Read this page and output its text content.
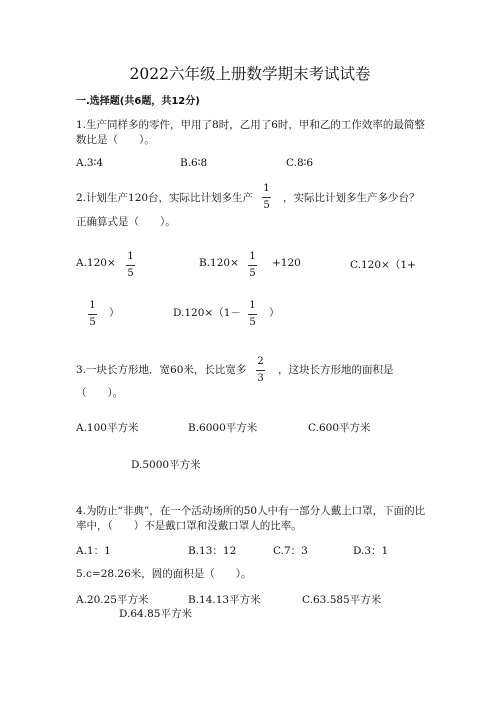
2022六年级上册数学期末考试试卷
一.选择题(共6题，共12分)
1.生产同样多的零件，甲用了8时，乙用了6时，甲和乙的工作效率的最简整
数比是（　　）。
A.3∶4	B.6∶8	C.8∶6
2.计划生产120台，实际比计划多生产
1
5
，实际比计划多生产多少台？
正确算式是（　　）。
A.120×
1
5
B.120×
1
5
+120	C.120×（1+
1
5
）	D.120×（1－
1
5
）
3.一块长方形地．宽60米，长比宽多
2
3
，这块长方形地的面积是
（　　）。
A.100平方米	B.6000平方米	C.600平方米
D.5000平方米
4.为防止“非典”，在一个活动场所的50人中有一部分人戴上口罩，下面的比
率中，（　　）不是戴口罩和没戴口罩人的比率。
A.1：1	B.13：12	C.7：3	D.3：1
5.c=28.26米，圆的面积是（　　）。
A.20.25平方米	B.14.13平方米	C.63.585平方米
D.64.85平方米
